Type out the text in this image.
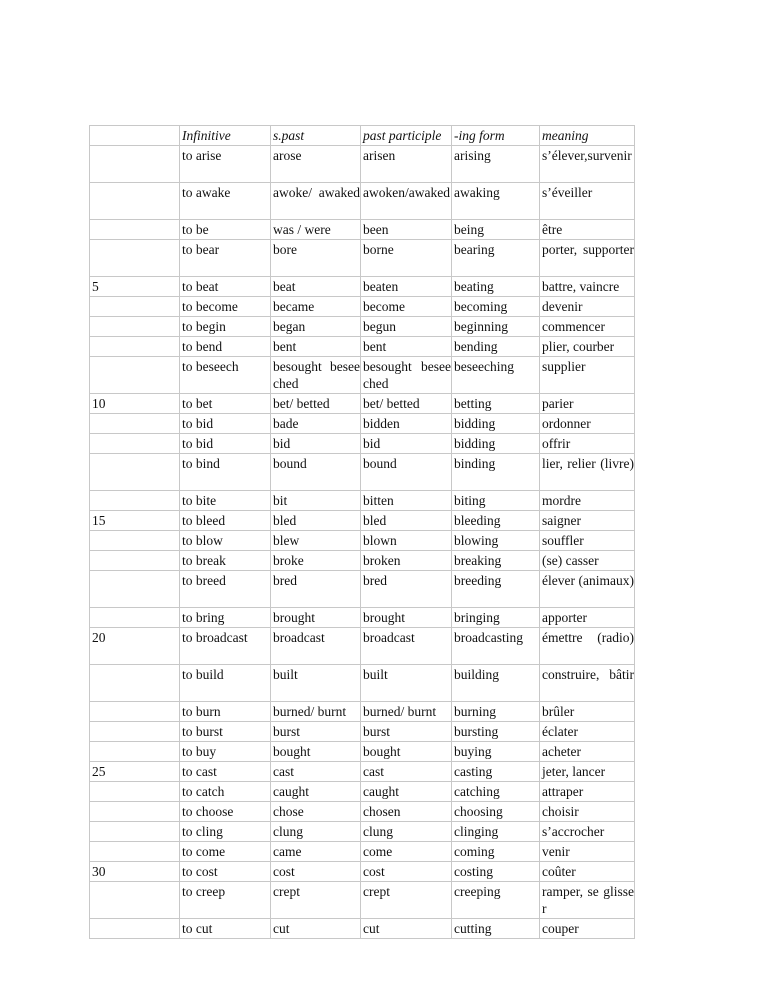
	Infinitive	s.past	past participle	-ing form	meaning
	to arise	arose	arisen	arising	s’élever,survenir
	to awake	awoke/ awaked	awoken/awaked	awaking	s’éveiller
	to be	was / were	been	being	être
	to bear	bore	borne	bearing	porter, supporter
5	to beat	beat	beaten	beating	battre, vaincre
	to become	became	become	becoming	devenir
	to begin	began	begun	beginning	commencer
	to bend	bent	bent	bending	plier, courber
	to beseech	besought beseeched	besought beseeched	beseeching	supplier
10	to bet	bet/ betted	bet/ betted	betting	parier
	to bid	bade	bidden	bidding	ordonner
	to bid	bid	bid	bidding	offrir
	to bind	bound	bound	binding	lier, relier (livre)
	to bite	bit	bitten	biting	mordre
15	to bleed	bled	bled	bleeding	saigner
	to blow	blew	blown	blowing	souffler
	to break	broke	broken	breaking	(se) casser
	to breed	bred	bred	breeding	élever (animaux)
	to bring	brought	brought	bringing	apporter
20	to broadcast	broadcast	broadcast	broadcasting	émettre (radio)
	to build	built	built	building	construire, bâtir
	to burn	burned/ burnt	burned/ burnt	burning	brûler
	to burst	burst	burst	bursting	éclater
	to buy	bought	bought	buying	acheter
25	to cast	cast	cast	casting	jeter, lancer
	to catch	caught	caught	catching	attraper
	to choose	chose	chosen	choosing	choisir
	to cling	clung	clung	clinging	s’accrocher
	to come	came	come	coming	venir
30	to cost	cost	cost	costing	coûter
	to creep	crept	crept	creeping	ramper, se glisser
	to cut	cut	cut	cutting	couper
